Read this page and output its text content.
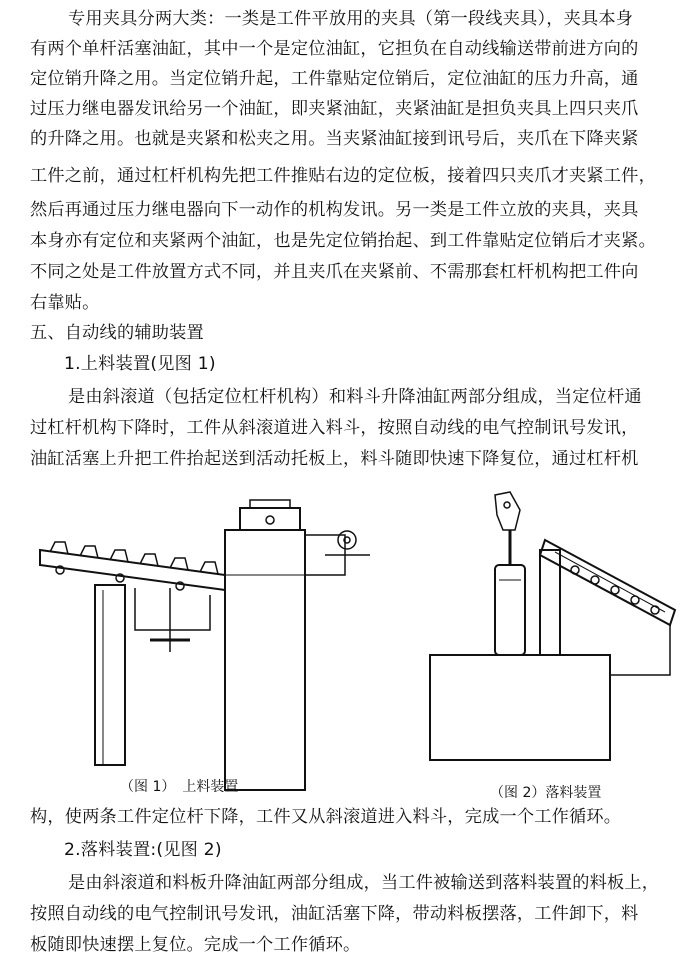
专用夹具分两大类：一类是工件平放用的夹具（第一段线夹具），夹具本身
有两个单杆活塞油缸，其中一个是定位油缸，它担负在自动线输送带前进方向的
定位销升降之用。当定位销升起，工件靠贴定位销后，定位油缸的压力升高，通
过压力继电器发讯给另一个油缸，即夹紧油缸，夹紧油缸是担负夹具上四只夹爪
的升降之用。也就是夹紧和松夹之用。当夹紧油缸接到讯号后，夹爪在下降夹紧
工件之前，通过杠杆机构先把工件推贴右边的定位板，接着四只夹爪才夹紧工件，
然后再通过压力继电器向下一动作的机构发讯。另一类是工件立放的夹具，夹具
本身亦有定位和夹紧两个油缸，也是先定位销抬起、到工件靠贴定位销后才夹紧。
不同之处是工件放置方式不同，并且夹爪在夹紧前、不需那套杠杆机构把工件向
右靠贴。
五、自动线的辅助装置
1.上料装置(见图 1)
是由斜滚道（包括定位杠杆机构）和料斗升降油缸两部分组成，当定位杆通
过杠杆机构下降时，工件从斜滚道进入料斗，按照自动线的电气控制讯号发讯，
油缸活塞上升把工件抬起送到活动托板上，料斗随即快速下降复位，通过杠杆机
（图 1）　上料装置	（图 2）落料装置
构，使两条工件定位杆下降，工件又从斜滚道进入料斗，完成一个工作循环。
2.落料装置:(见图 2)
是由斜滚道和料板升降油缸两部分组成，当工件被输送到落料装置的料板上，
按照自动线的电气控制讯号发讯，油缸活塞下降，带动料板摆落，工件卸下，料
板随即快速摆上复位。完成一个工作循环。
